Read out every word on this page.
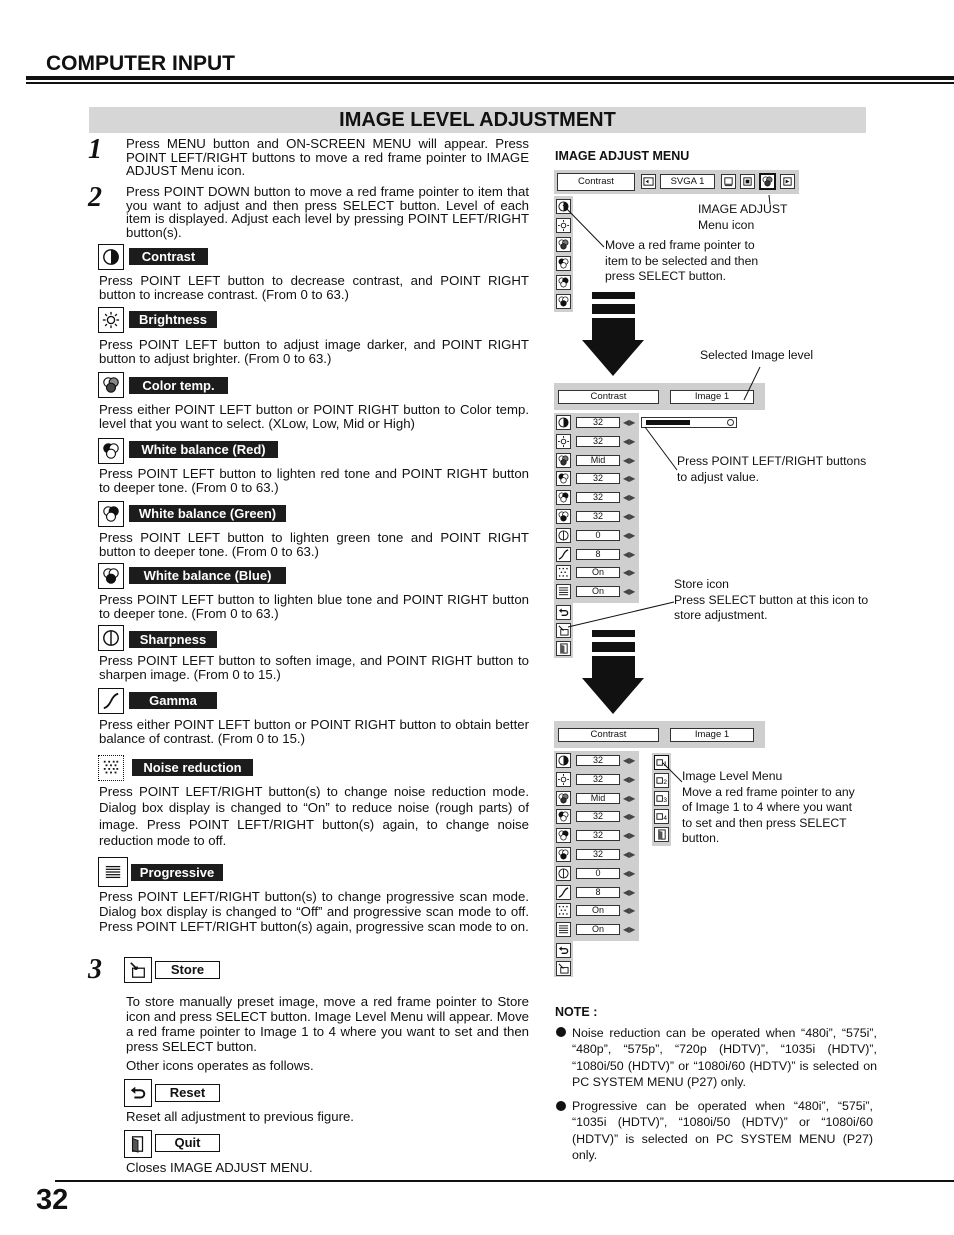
COMPUTER INPUT
IMAGE LEVEL ADJUSTMENT
1 Press MENU button and ON-SCREEN MENU will appear. Press POINT LEFT/RIGHT buttons to move a red frame pointer to IMAGE ADJUST Menu icon.

2 Press POINT DOWN button to move a red frame pointer to item that you want to adjust and then press SELECT button. Level of each item is displayed. Adjust each level by pressing POINT LEFT/RIGHT button(s).

Contrast

Press POINT LEFT button to decrease contrast, and POINT RIGHT button to increase contrast. (From 0 to 63.)

Brightness

Press POINT LEFT button to adjust image darker, and POINT RIGHT button to adjust brighter. (From 0 to 63.)

Color temp.

Press either POINT LEFT button or POINT RIGHT button to Color temp. level that you want to select. (XLow, Low, Mid or High)

White balance (Red)

Press POINT LEFT button to lighten red tone and POINT RIGHT button to deeper tone. (From 0 to 63.)

White balance (Green)

Press POINT LEFT button to lighten green tone and POINT RIGHT button to deeper tone. (From 0 to 63.)

White balance (Blue)

Press POINT LEFT button to lighten blue tone and POINT RIGHT button to deeper tone. (From 0 to 63.)

Sharpness

Press POINT LEFT button to soften image, and POINT RIGHT button to sharpen image. (From 0 to 15.)

Gamma

Press either POINT LEFT button or POINT RIGHT button to obtain better balance of contrast. (From 0 to 15.)

Noise reduction

Press POINT LEFT/RIGHT button(s) to change noise reduction mode. Dialog box display is changed to “On” to reduce noise (rough parts) of image. Press POINT LEFT/RIGHT button(s) again, to change noise reduction mode to off.

Progressive

Press POINT LEFT/RIGHT button(s) to change progressive scan mode. Dialog box display is changed to “Off” and progressive scan mode to off. Press POINT LEFT/RIGHT button(s) again, progressive scan mode to on.

3	Store

To store manually preset image, move a red frame pointer to Store icon and press SELECT button. Image Level Menu will appear. Move a red frame pointer to Image 1 to 4 where you want to set and then press SELECT button.

Other icons operates as follows.

Reset

Reset all adjustment to previous figure.

Quit

Closes IMAGE ADJUST MENU.

IMAGE ADJUST MENU
Contrast	SVGA 1
IMAGE ADJUST
Menu icon
Move a red frame pointer to
item to be selected and then
press SELECT button.
Selected Image level
Contrast	Image 1
32	◀▶
32	◀▶
Mid	◀▶
32	◀▶
32	◀▶
32	◀▶
0	◀▶
8	◀▶
On	◀▶
On	◀▶
Press POINT LEFT/RIGHT buttons
to adjust value.
Store icon
Press SELECT button at this icon to
store adjustment.
Contrast	Image 1
32	◀▶
32	◀▶
Mid	◀▶
32	◀▶
32	◀▶
32	◀▶
0	◀▶
8	◀▶
On	◀▶
On	◀▶
1
2
3
4
Image Level Menu
Move a red frame pointer to any
of Image 1 to 4 where you want
to set and then press SELECT
button.
NOTE :

Noise reduction can be operated when “480i”, “575i”, “480p”, “575p”, “720p (HDTV)”, “1035i (HDTV)”, “1080i/50 (HDTV)” or “1080i/60 (HDTV)” is selected on PC SYSTEM MENU (P27) only.

Progressive can be operated when “480i”, “575i”, “1035i (HDTV)”, “1080i/50 (HDTV)” or “1080i/60 (HDTV)” is selected on PC SYSTEM MENU (P27) only.

32
